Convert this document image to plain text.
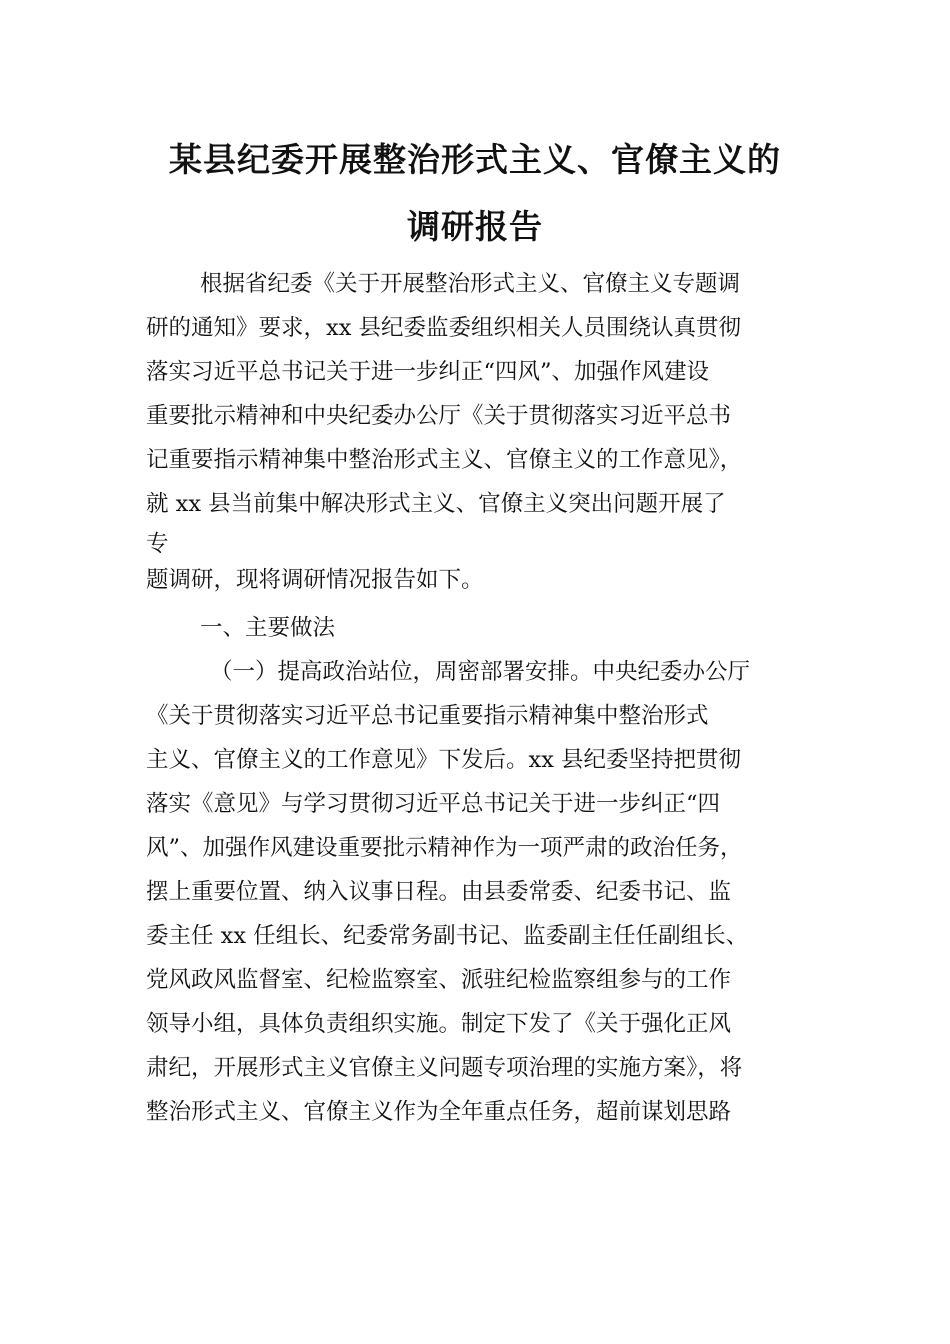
某县纪委开展整治形式主义、官僚主义的
调研报告
根据省纪委《关于开展整治形式主义、官僚主义专题调
研的通知》要求，xx 县纪委监委组织相关人员围绕认真贯彻
落实习近平总书记关于进一步纠正“四风”、加强作风建设
重要批示精神和中央纪委办公厅《关于贯彻落实习近平总书
记重要指示精神集中整治形式主义、官僚主义的工作意见》，
就 xx 县当前集中解决形式主义、官僚主义突出问题开展了
专
题调研，现将调研情况报告如下。
一、主要做法
（一）提高政治站位，周密部署安排。中央纪委办公厅
《关于贯彻落实习近平总书记重要指示精神集中整治形式
主义、官僚主义的工作意见》下发后。xx 县纪委坚持把贯彻
落实《意见》与学习贯彻习近平总书记关于进一步纠正“四
风”、加强作风建设重要批示精神作为一项严肃的政治任务，
摆上重要位置、纳入议事日程。由县委常委、纪委书记、监
委主任 xx 任组长、纪委常务副书记、监委副主任任副组长、
党风政风监督室、纪检监察室、派驻纪检监察组参与的工作
领导小组，具体负责组织实施。制定下发了《关于强化正风
肃纪，开展形式主义官僚主义问题专项治理的实施方案》，将
整治形式主义、官僚主义作为全年重点任务，超前谋划思路
